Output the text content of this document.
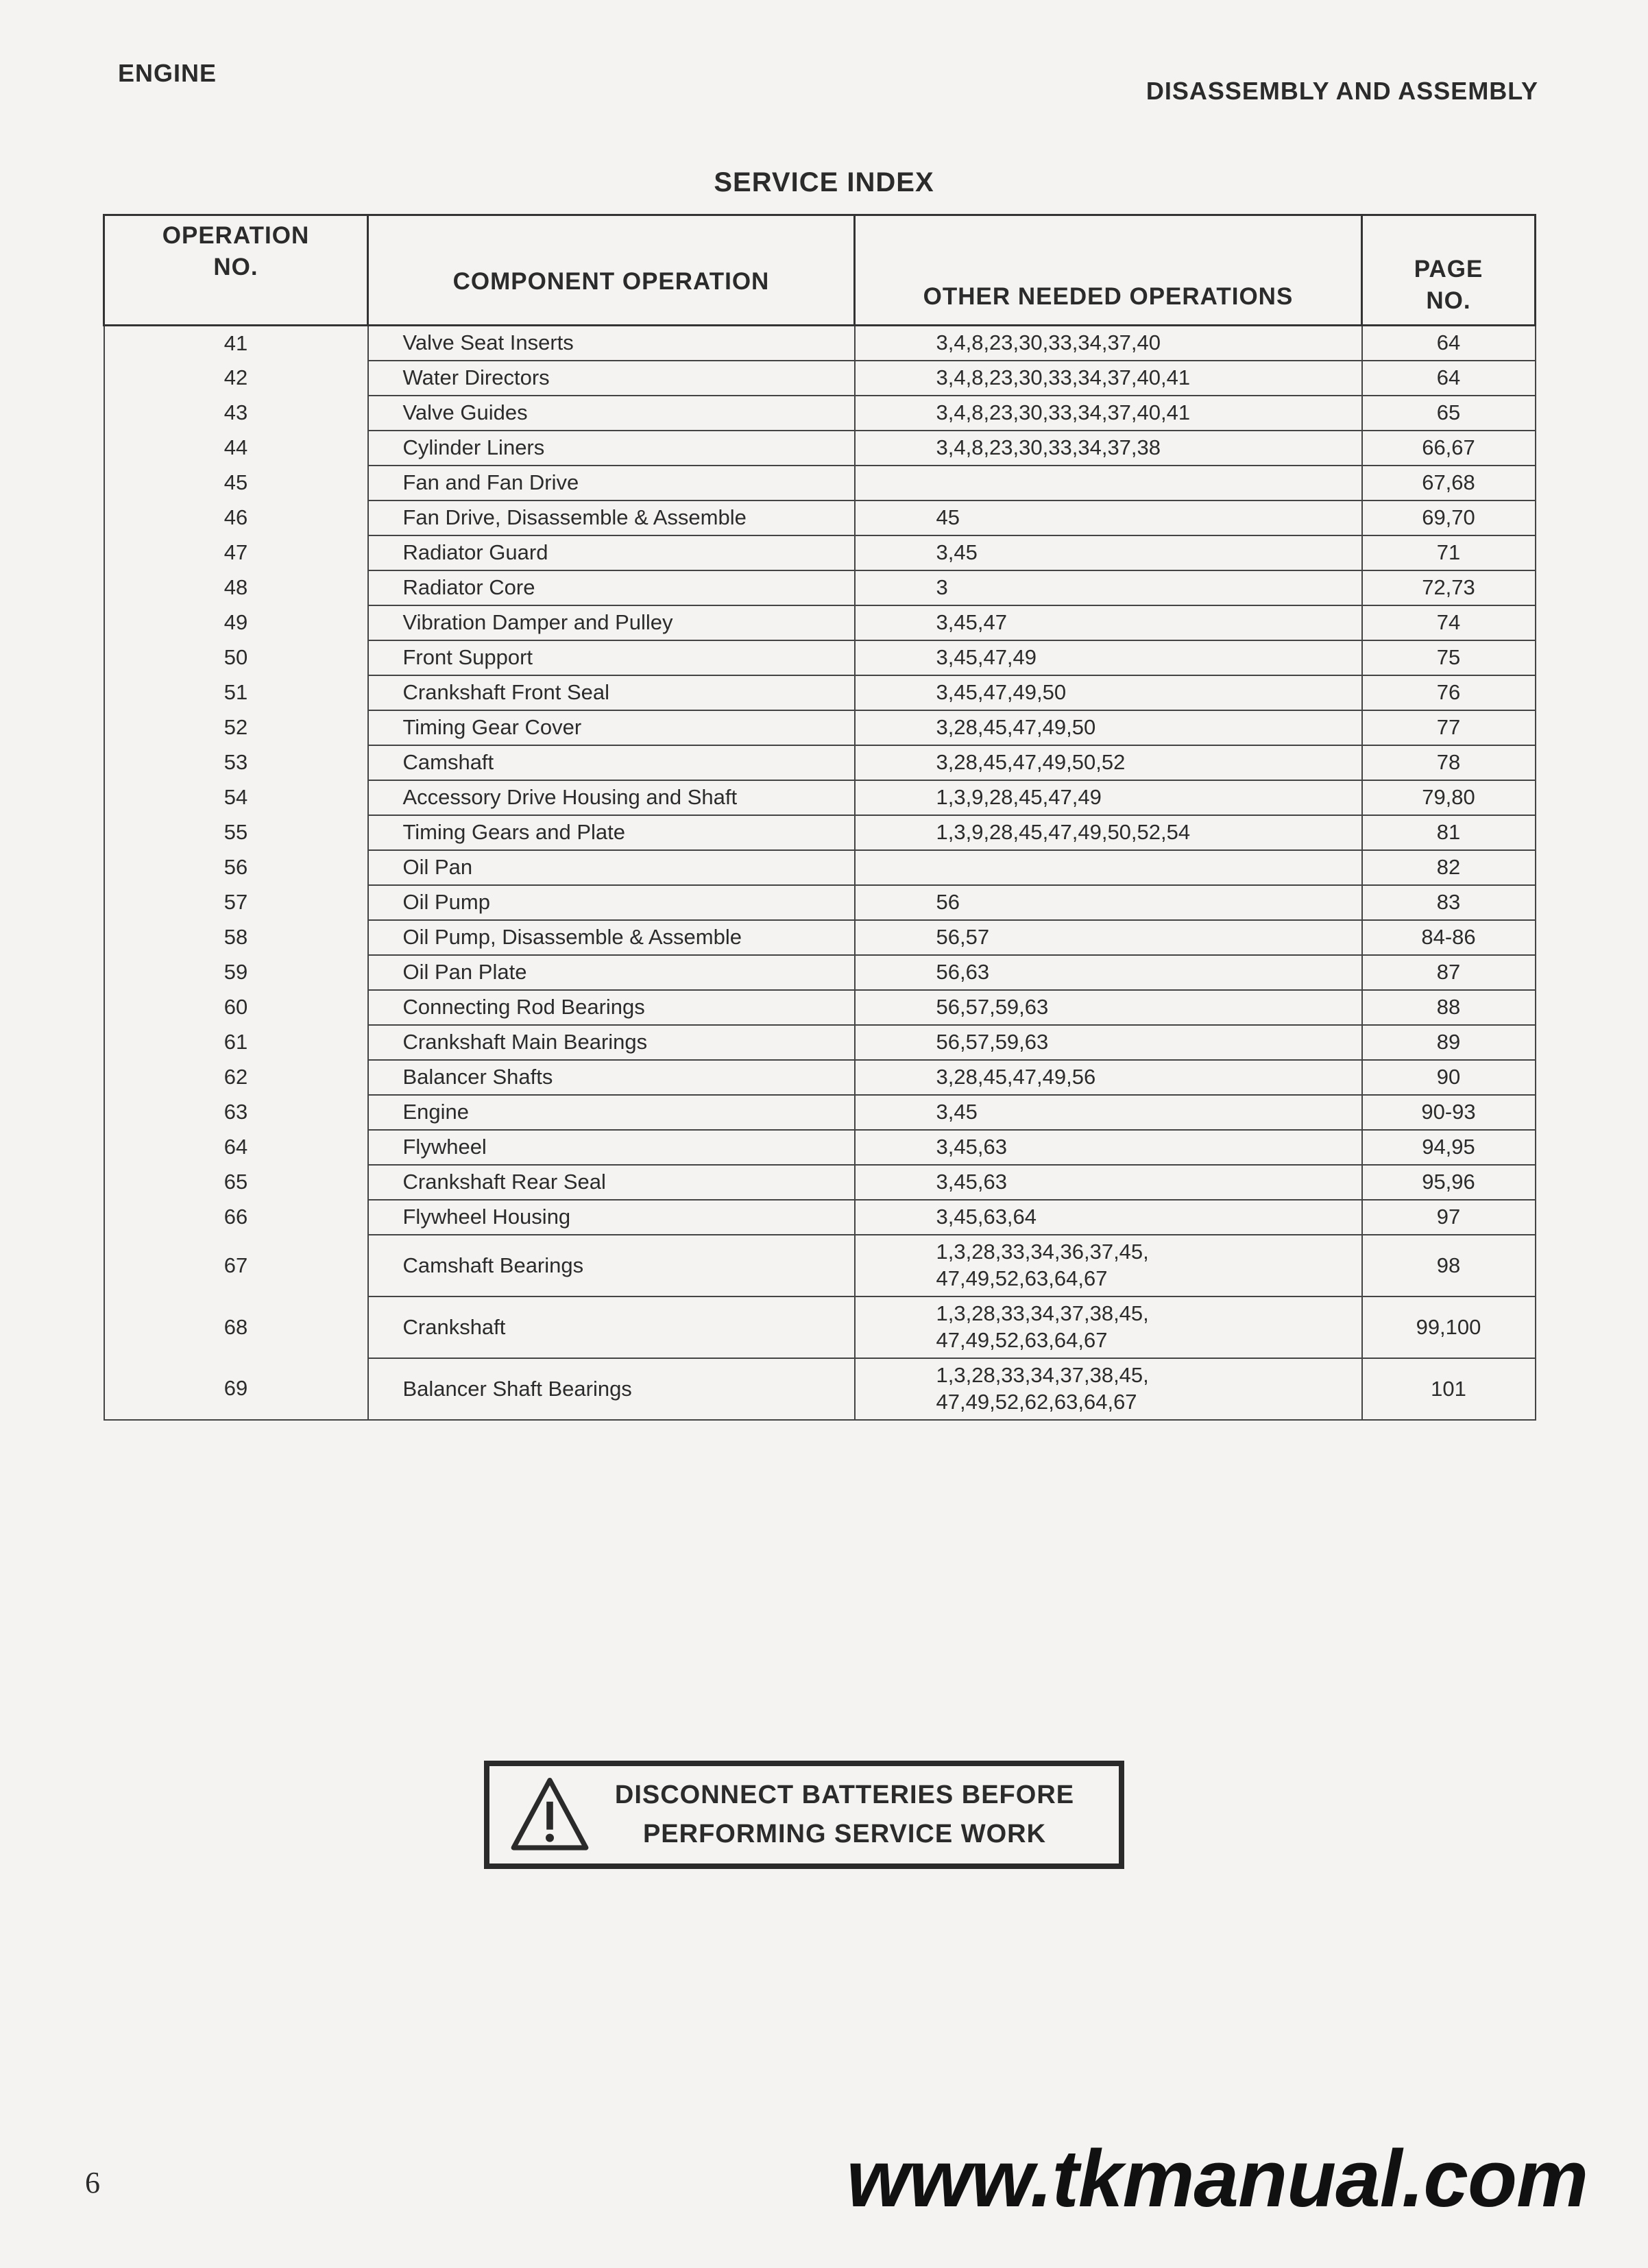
ENGINE
DISASSEMBLY AND ASSEMBLY
SERVICE INDEX
OPERATION NO.	COMPONENT OPERATION	OTHER NEEDED OPERATIONS	PAGE NO.
41	Valve Seat Inserts	3,4,8,23,30,33,34,37,40	64
42	Water Directors	3,4,8,23,30,33,34,37,40,41	64
43	Valve Guides	3,4,8,23,30,33,34,37,40,41	65
44	Cylinder Liners	3,4,8,23,30,33,34,37,38	66,67
45	Fan and Fan Drive		67,68
46	Fan Drive, Disassemble & Assemble	45	69,70
47	Radiator Guard	3,45	71
48	Radiator Core	3	72,73
49	Vibration Damper and Pulley	3,45,47	74
50	Front Support	3,45,47,49	75
51	Crankshaft Front Seal	3,45,47,49,50	76
52	Timing Gear Cover	3,28,45,47,49,50	77
53	Camshaft	3,28,45,47,49,50,52	78
54	Accessory Drive Housing and Shaft	1,3,9,28,45,47,49	79,80
55	Timing Gears and Plate	1,3,9,28,45,47,49,50,52,54	81
56	Oil Pan		82
57	Oil Pump	56	83
58	Oil Pump, Disassemble & Assemble	56,57	84-86
59	Oil Pan Plate	56,63	87
60	Connecting Rod Bearings	56,57,59,63	88
61	Crankshaft Main Bearings	56,57,59,63	89
62	Balancer Shafts	3,28,45,47,49,56	90
63	Engine	3,45	90-93
64	Flywheel	3,45,63	94,95
65	Crankshaft Rear Seal	3,45,63	95,96
66	Flywheel Housing	3,45,63,64	97
67	Camshaft Bearings	1,3,28,33,34,36,37,45,
47,49,52,63,64,67	98
68	Crankshaft	1,3,28,33,34,37,38,45,
47,49,52,63,64,67	99,100
69	Balancer Shaft Bearings	1,3,28,33,34,37,38,45,
47,49,52,62,63,64,67	101
DISCONNECT BATTERIES BEFORE
PERFORMING SERVICE WORK
6	www.tkmanual.com
